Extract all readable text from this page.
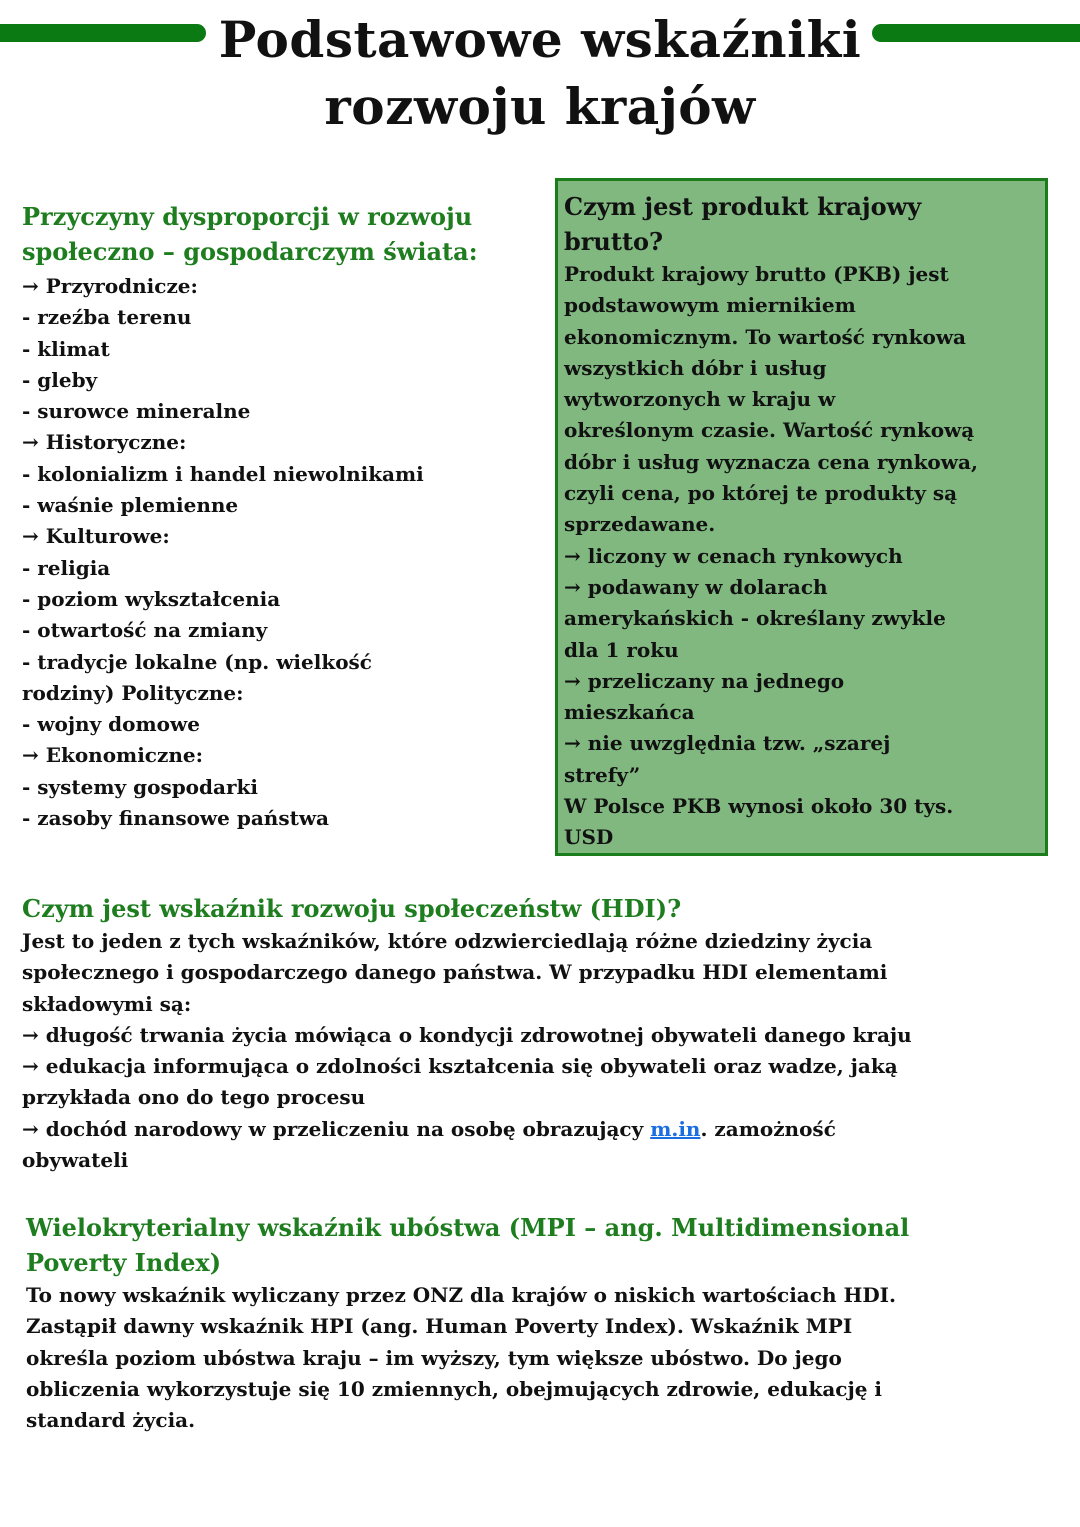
Podstawowe wskaźniki
rozwoju krajów
Przyczyny dysproporcji w rozwoju
społeczno – gospodarczym świata:
→ Przyrodnicze:
- rzeźba terenu
- klimat
- gleby
- surowce mineralne
→ Historyczne:
- kolonializm i handel niewolnikami
- waśnie plemienne
→ Kulturowe:
- religia
- poziom wykształcenia
- otwartość na zmiany
- tradycje lokalne (np. wielkość
rodziny) Polityczne:
- wojny domowe
→ Ekonomiczne:
- systemy gospodarki
- zasoby finansowe państwa
Czym jest produkt krajowy
brutto?
Produkt krajowy brutto (PKB) jest
podstawowym miernikiem
ekonomicznym. To wartość rynkowa
wszystkich dóbr i usług
wytworzonych w kraju w
określonym czasie. Wartość rynkową
dóbr i usług wyznacza cena rynkowa,
czyli cena, po której te produkty są
sprzedawane.
→ liczony w cenach rynkowych
→ podawany w dolarach
amerykańskich - określany zwykle
dla 1 roku
→ przeliczany na jednego
mieszkańca
→ nie uwzględnia tzw. „szarej
strefy”
W Polsce PKB wynosi około 30 tys.
USD
Czym jest wskaźnik rozwoju społeczeństw (HDI)?
Jest to jeden z tych wskaźników, które odzwierciedlają różne dziedziny życia
społecznego i gospodarczego danego państwa. W przypadku HDI elementami
składowymi są:
→ długość trwania życia mówiąca o kondycji zdrowotnej obywateli danego kraju
→ edukacja informująca o zdolności kształcenia się obywateli oraz wadze, jaką
przykłada ono do tego procesu
→ dochód narodowy w przeliczeniu na osobę obrazujący m.in. zamożność
obywateli
Wielokryterialny wskaźnik ubóstwa (MPI – ang. Multidimensional
Poverty Index)
To nowy wskaźnik wyliczany przez ONZ dla krajów o niskich wartościach HDI.
Zastąpił dawny wskaźnik HPI (ang. Human Poverty Index). Wskaźnik MPI
określa poziom ubóstwa kraju – im wyższy, tym większe ubóstwo. Do jego
obliczenia wykorzystuje się 10 zmiennych, obejmujących zdrowie, edukację i
standard życia.
